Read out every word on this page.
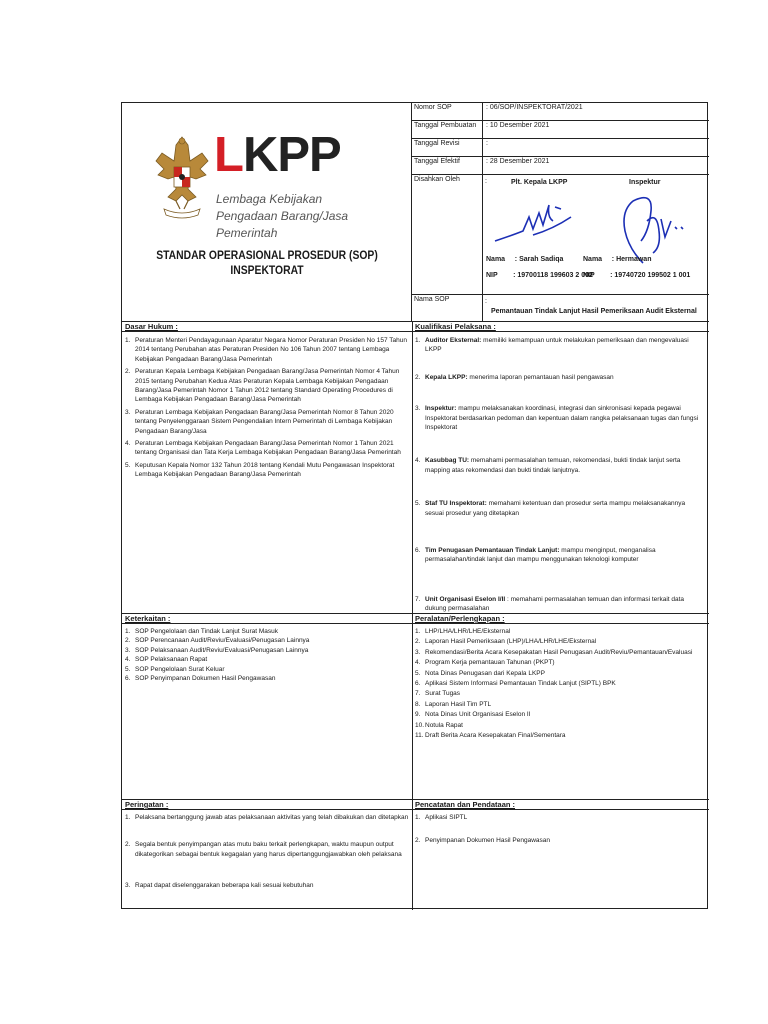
LKPP
Lembaga Kebijakan
Pengadaan Barang/Jasa Pemerintah
STANDAR OPERASIONAL PROSEDUR (SOP)
INSPEKTORAT
Nomor SOP	: 06/SOP/INSPEKTORAT/2021
Tanggal Pembuatan	: 10 Desember 2021
Tanggal Revisi	:
Tanggal Efektif	: 28 Desember 2021
Disahkan Oleh	:	Plt. Kepala LKPP	Inspektur
Nama     : Sarah Sadiqa
NIP        : 19700118 199603 2 002
Nama     : Hermawan
NIP        : 19740720 199502 1 001
Nama SOP	:
Pemantauan Tindak Lanjut Hasil Pemeriksaan Audit Eksternal
Dasar Hukum :
1. Peraturan Menteri Pendayagunaan Aparatur Negara Nomor Peraturan Presiden No 157 Tahun 2014 tentang Perubahan atas Peraturan Presiden No 106 Tahun 2007 tentang Lembaga Kebijakan Pengadaan Barang/Jasa Pemerintah
2. Peraturan Kepala Lembaga Kebijakan Pengadaan Barang/Jasa Pemerintah Nomor 4 Tahun 2015 tentang Perubahan Kedua Atas Peraturan Kepala Lembaga Kebijakan Pengadaan Barang/Jasa Pemerintah Nomor 1 Tahun 2012 tentang Standard Operating Procedures di Lembaga Kebijakan Pengadaan Barang/Jasa Pemerintah
3. Peraturan Lembaga Kebijakan Pengadaan Barang/Jasa Pemerintah Nomor 8 Tahun 2020 tentang Penyelenggaraan Sistem Pengendalian Intern Pemerintah di Lembaga Kebijakan Pengadaan Barang/Jasa
4. Peraturan Lembaga Kebijakan Pengadaan Barang/Jasa Pemerintah Nomor 1 Tahun 2021 tentang Organisasi dan Tata Kerja Lembaga Kebijakan Pengadaan Barang/Jasa Pemerintah
5. Keputusan Kepala Nomor 132 Tahun 2018 tentang Kendali Mutu Pengawasan Inspektorat Lembaga Kebijakan Pengadaan Barang/Jasa Pemerintah
Kualifikasi Pelaksana :
1. Auditor Eksternal: memiliki kemampuan untuk melakukan pemeriksaan dan mengevaluasi LKPP
2. Kepala LKPP: menerima laporan pemantauan hasil pengawasan
3. Inspektur: mampu melaksanakan koordinasi, integrasi dan sinkronisasi kepada pegawai Inspektorat berdasarkan pedoman dan kepentuan dalam rangka pelaksanaan tugas dan fungsi Inspektorat
4. Kasubbag TU: memahami permasalahan temuan, rekomendasi, bukti tindak lanjut serta mapping atas rekomendasi dan bukti tindak lanjutnya.
5. Staf TU Inspektorat: memahami ketentuan dan prosedur serta mampu melaksanakannya sesuai prosedur yang ditetapkan
6. Tim Penugasan Pemantauan Tindak Lanjut: mampu menginput, menganalisa permasalahan/tindak lanjut dan mampu menggunakan teknologi komputer
7. Unit Organisasi Eselon I/II : memahami permasalahan temuan dan informasi terkait data dukung permasalahan
Keterkaitan :
1. SOP Pengelolaan dan Tindak Lanjut Surat Masuk
2. SOP Perencanaan Audit/Reviu/Evaluasi/Penugasan Lainnya
3. SOP Pelaksanaan Audit/Reviu/Evaluasi/Penugasan Lainnya
4. SOP Pelaksanaan Rapat
5. SOP Pengelolaan Surat Keluar
6. SOP Penyimpanan Dokumen Hasil Pengawasan
Peralatan/Perlengkapan :
1. LHP/LHA/LHR/LHE/Eksternal
2. Laporan Hasil Pemeriksaan (LHP)/LHA/LHR/LHE/Eksternal
3. Rekomendasi/Berita Acara Kesepakatan Hasil Penugasan Audit/Reviu/Pemantauan/Evaluasi
4. Program Kerja pemantauan Tahunan (PKPT)
5. Nota Dinas Penugasan dari Kepala LKPP
6. Aplikasi Sistem Informasi Pemantauan Tindak Lanjut (SIPTL) BPK
7. Surat Tugas
8. Laporan Hasil Tim PTL
9. Nota Dinas Unit Organisasi Eselon II
10. Notula Rapat
11. Draft Berita Acara Kesepakatan Final/Sementara
Peringatan :
1. Pelaksana bertanggung jawab atas pelaksanaan aktivitas yang telah dibakukan dan ditetapkan
2. Segala bentuk penyimpangan atas mutu baku terkait perlengkapan, waktu maupun output dikategorikan sebagai bentuk kegagalan yang harus dipertanggungjawabkan oleh pelaksana
3. Rapat dapat diselenggarakan beberapa kali sesuai kebutuhan
Pencatatan dan Pendataan :
1. Aplikasi SIPTL
2. Penyimpanan Dokumen Hasil Pengawasan
